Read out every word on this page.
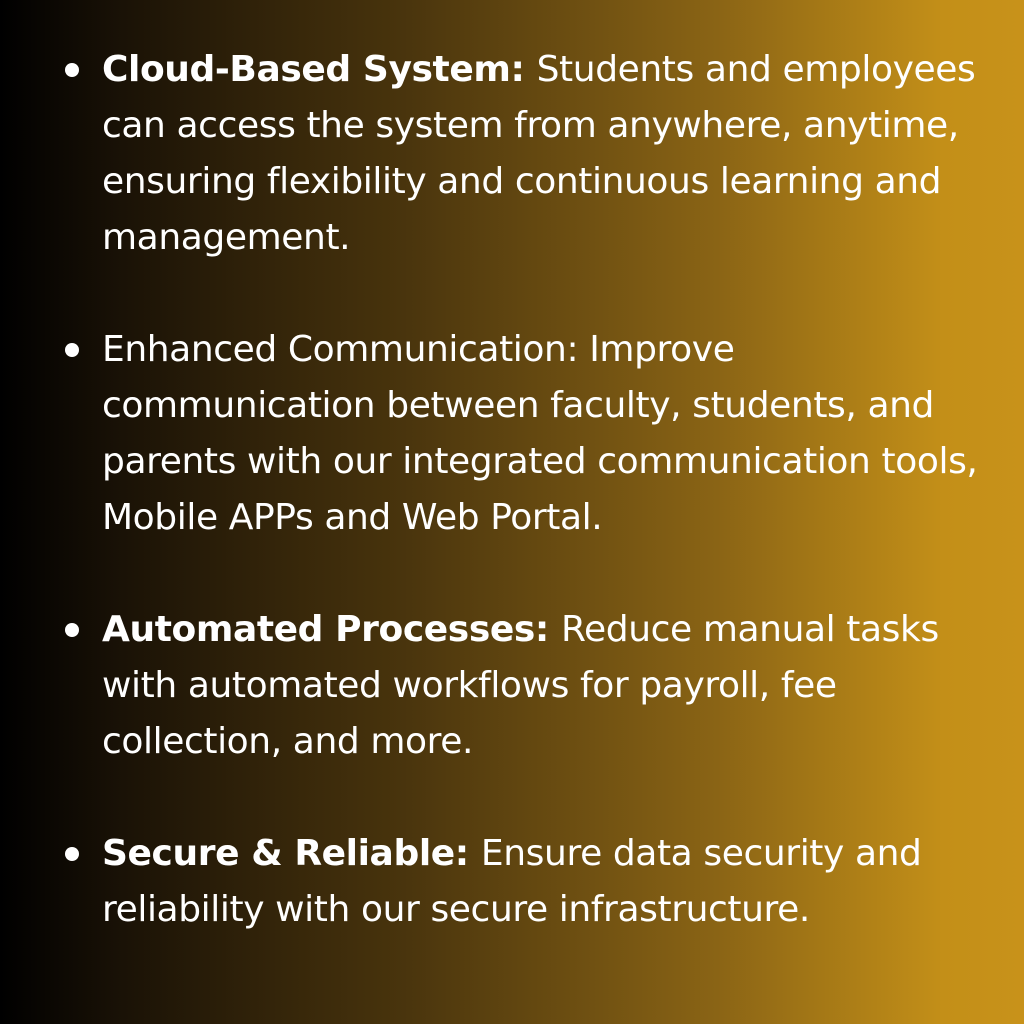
Cloud-Based System: Students and employees can access the system from anywhere, anytime, ensuring flexibility and continuous learning and management.
Enhanced Communication: Improve communication between faculty, students, and parents with our integrated communication tools, Mobile APPs and Web Portal.
Automated Processes: Reduce manual tasks with automated workflows for payroll, fee collection, and more.
Secure & Reliable: Ensure data security and reliability with our secure infrastructure.
